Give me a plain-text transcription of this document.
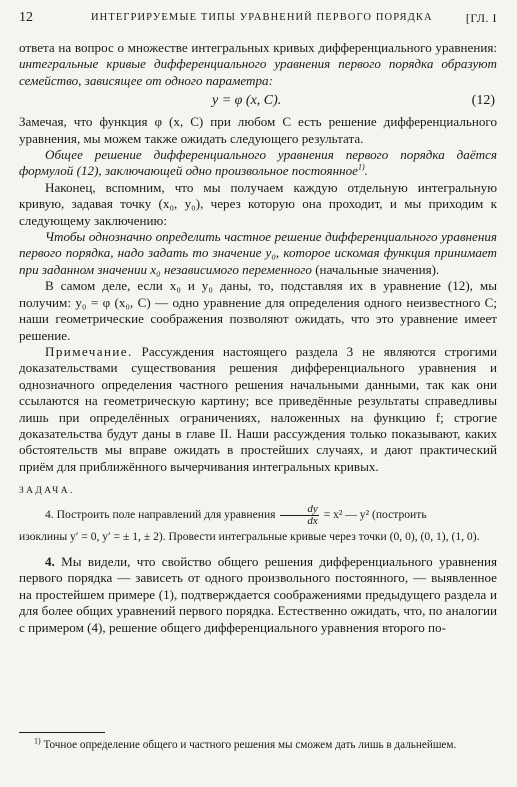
12	ИНТЕГРИРУЕМЫЕ ТИПЫ УРАВНЕНИЙ ПЕРВОГО ПОРЯДКА	[ГЛ. I

ответа на вопрос о множестве интегральных кривых дифференциального уравнения: интегральные кривые дифференциального уравнения первого порядка образуют семейство, зависящее от одного параметра:

y = φ (x, C).	(12)

Замечая, что функция φ (x, C) при любом C есть решение дифференциального уравнения, мы можем также ожидать следующего результата.

Общее решение дифференциального уравнения первого порядка даётся формулой (12), заключающей одно произвольное постоянное$^{1)}$.

Наконец, вспомним, что мы получаем каждую отдельную интегральную кривую, задавая точку (x₀, y₀), через которую она проходит, и мы приходим к следующему заключению:

Чтобы однозначно определить частное решение дифференциального уравнения первого порядка, надо задать то значение y₀, которое искомая функция принимает при заданном значении x₀ независимого переменного (начальные значения).

В самом деле, если x₀ и y₀ даны, то, подставляя их в уравнение (12), мы получим: y₀ = φ (x₀, C) — одно уравнение для определения одного неизвестного C; наши геометрические соображения позволяют ожидать, что это уравнение имеет решение.

Примечание. Рассуждения настоящего раздела 3 не являются строгими доказательствами существования решения дифференциального уравнения и однозначного определения частного решения начальными данными, так как они ссылаются на геометрическую картину; все приведённые результаты справедливы лишь при определённых ограничениях, наложенных на функцию f; строгие доказательства будут даны в главе II. Наши рассуждения только показывают, каких обстоятельств мы вправе ожидать в простейших случаях, и дают практический приём для приближённого вычерчивания интегральных кривых.

ЗАДАЧА.
4. Построить поле направлений для уравнения $\frac{dy}{dx} = x^2$ — y² (построить
изоклины y′ = 0, y′ = ± 1, ± 2). Провести интегральные кривые через точки (0, 0), (0, 1), (1, 0).

4. Мы видели, что свойство общего решения дифференциального уравнения первого порядка — зависеть от одного произвольного постоянного, — выявленное на простейшем примере (1), подтверждается соображениями предыдущего раздела и для более общих уравнений первого порядка. Естественно ожидать, что, по аналогии с примером (4), решение общего дифференциального уравнения второго по-

$^{1)}$ Точное определение общего и частного решения мы сможем дать лишь в дальнейшем.
